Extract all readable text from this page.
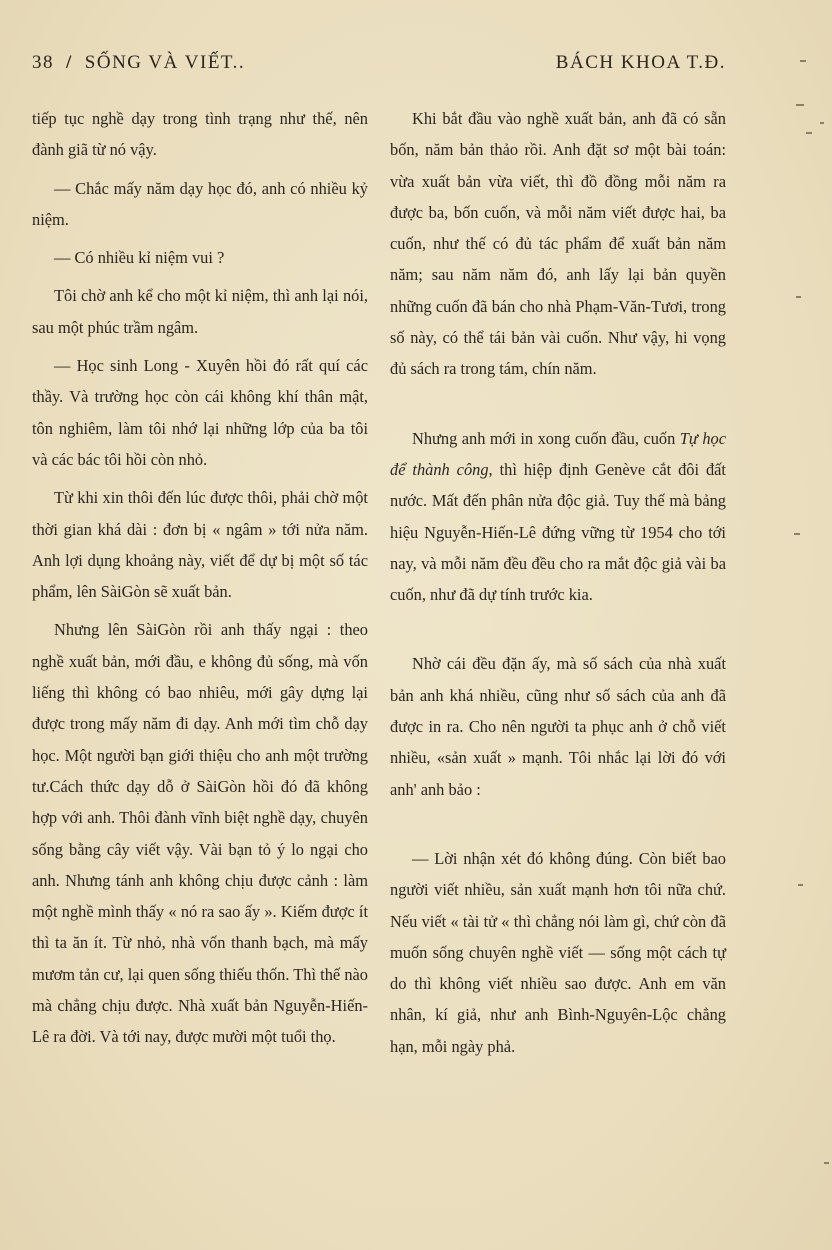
38 / SỐNG VÀ VIẾT..	BÁCH KHOA T.Đ.

tiếp tục nghề dạy trong tình trạng như thế, nên đành giã từ nó vậy.

— Chắc mấy năm dạy học đó, anh có nhiều kỷ niệm.

— Có nhiều kỉ niệm vui ?

Tôi chờ anh kể cho một kỉ niệm, thì anh lại nói, sau một phúc trầm ngâm.

— Học sinh Long - Xuyên hồi đó rất quí các thầy. Và trường học còn cái không khí thân mật, tôn nghiêm, làm tôi nhớ lại những lớp của ba tôi và các bác tôi hồi còn nhỏ.

Từ khi xin thôi đến lúc được thôi, phải chờ một thời gian khá dài : đơn bị « ngâm » tới nửa năm. Anh lợi dụng khoảng này, viết để dự bị một số tác phẩm, lên SàiGòn sẽ xuất bản.

Nhưng lên SàiGòn rồi anh thấy ngại : theo nghề xuất bản, mới đầu, e không đủ sống, mà vốn liếng thì không có bao nhiêu, mới gây dựng lại được trong mấy năm đi dạy. Anh mới tìm chỗ dạy học. Một người bạn giới thiệu cho anh một trường tư.Cách thức dạy dỗ ở SàiGòn hồi đó đã không hợp với anh. Thôi đành vĩnh biệt nghề dạy, chuyên sống bằng cây viết vậy. Vài bạn tỏ ý lo ngại cho anh. Nhưng tánh anh không chịu được cảnh : làm một nghề mình thấy « nó ra sao ấy ». Kiếm được ít thì ta ăn ít. Từ nhỏ, nhà vốn thanh bạch, mà mấy mươm tản cư, lại quen sống thiếu thốn. Thì thế nào mà chẳng chịu được. Nhà xuất bản Nguyễn-Hiến-Lê ra đời. Và tới nay, được mười một tuổi thọ.

Khi bắt đầu vào nghề xuất bản, anh đã có sẵn bốn, năm bản thảo rồi. Anh đặt sơ một bài toán: vừa xuất bản vừa viết, thì đồ đồng mỗi năm ra được ba, bốn cuốn, và mỗi năm viết được hai, ba cuốn, như thế có đủ tác phẩm để xuất bản năm năm; sau năm năm đó, anh lấy lại bản quyền những cuốn đã bán cho nhà Phạm-Văn-Tươi, trong số này, có thể tái bản vài cuốn. Như vậy, hi vọng đủ sách ra trong tám, chín năm.

Nhưng anh mới in xong cuốn đầu, cuốn Tự học để thành công, thì hiệp định Genève cắt đôi đất nước. Mất đến phân nửa độc giả. Tuy thế mà bảng hiệu Nguyễn-Hiến-Lê đứng vững từ 1954 cho tới nay, và mỗi năm đều đều cho ra mắt độc giả vài ba cuốn, như đã dự tính trước kia.

Nhờ cái đều đặn ấy, mà số sách của nhà xuất bản anh khá nhiều, cũng như số sách của anh đã được in ra. Cho nên người ta phục anh ở chỗ viết nhiều, «sản xuất » mạnh. Tôi nhắc lại lời đó với anh' anh bảo :

— Lời nhận xét đó không đúng. Còn biết bao người viết nhiều, sản xuất mạnh hơn tôi nữa chứ. Nếu viết « tài tử « thì chẳng nói làm gì, chứ còn đã muốn sống chuyên nghề viết — sống một cách tự do thì không viết nhiều sao được. Anh em văn nhân, kí giả, như anh Bình-Nguyên-Lộc chẳng hạn, mỗi ngày phả.
